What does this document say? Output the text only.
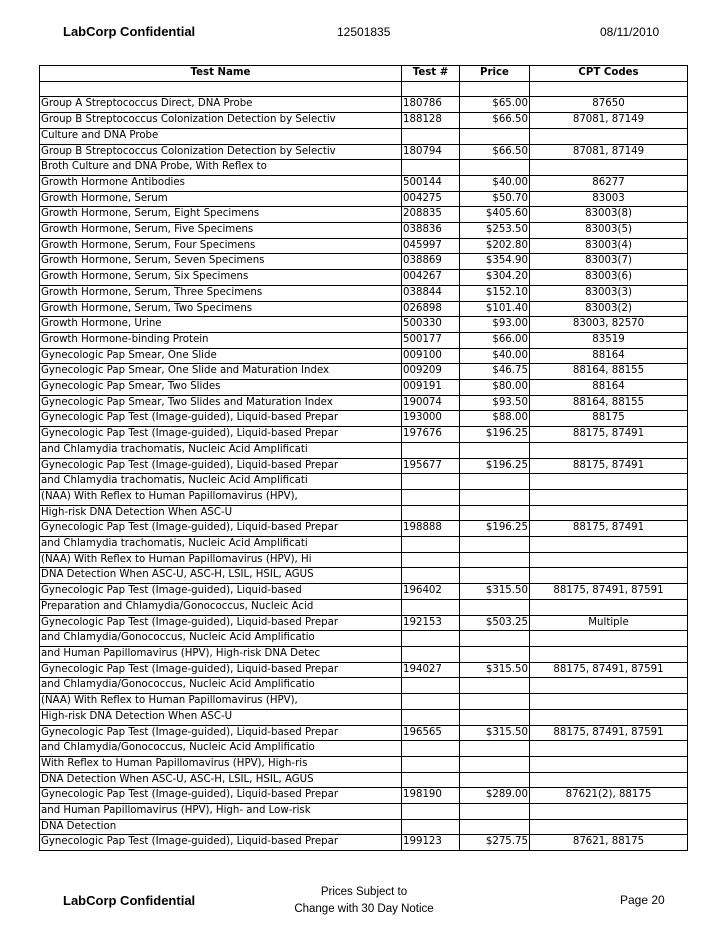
LabCorp Confidential	12501835	08/11/2010
Test Name	Test #	Price	CPT Codes

Group A Streptococcus Direct, DNA Probe	180786	$65.00	87650
Group B Streptococcus Colonization Detection by Selectiv	188128	$66.50	87081, 87149
Culture and DNA Probe			
Group B Streptococcus Colonization Detection by Selectiv	180794	$66.50	87081, 87149
Broth Culture and DNA Probe, With Reflex to			
Growth Hormone Antibodies	500144	$40.00	86277
Growth Hormone, Serum	004275	$50.70	83003
Growth Hormone, Serum, Eight Specimens	208835	$405.60	83003(8)
Growth Hormone, Serum, Five Specimens	038836	$253.50	83003(5)
Growth Hormone, Serum, Four Specimens	045997	$202.80	83003(4)
Growth Hormone, Serum, Seven Specimens	038869	$354.90	83003(7)
Growth Hormone, Serum, Six Specimens	004267	$304.20	83003(6)
Growth Hormone, Serum, Three Specimens	038844	$152.10	83003(3)
Growth Hormone, Serum, Two Specimens	026898	$101.40	83003(2)
Growth Hormone, Urine	500330	$93.00	83003, 82570
Growth Hormone-binding Protein	500177	$66.00	83519
Gynecologic Pap Smear, One Slide	009100	$40.00	88164
Gynecologic Pap Smear, One Slide and Maturation Index	009209	$46.75	88164, 88155
Gynecologic Pap Smear, Two Slides	009191	$80.00	88164
Gynecologic Pap Smear, Two Slides and Maturation Index	190074	$93.50	88164, 88155
Gynecologic Pap Test (Image-guided), Liquid-based Prepar	193000	$88.00	88175
Gynecologic Pap Test (Image-guided), Liquid-based Prepar	197676	$196.25	88175, 87491
and Chlamydia trachomatis, Nucleic Acid Amplificati			
Gynecologic Pap Test (Image-guided), Liquid-based Prepar	195677	$196.25	88175, 87491
and Chlamydia trachomatis, Nucleic Acid Amplificati			
(NAA) With Reflex to Human Papillomavirus (HPV),			
High-risk DNA Detection When ASC-U			
Gynecologic Pap Test (Image-guided), Liquid-based Prepar	198888	$196.25	88175, 87491
and Chlamydia trachomatis, Nucleic Acid Amplificati			
(NAA) With Reflex to Human Papillomavirus (HPV), Hi			
DNA Detection When ASC-U, ASC-H, LSIL, HSIL, AGUS			
Gynecologic Pap Test (Image-guided), Liquid-based	196402	$315.50	88175, 87491, 87591
Preparation and Chlamydia/Gonococcus, Nucleic Acid			
Gynecologic Pap Test (Image-guided), Liquid-based Prepar	192153	$503.25	Multiple
and Chlamydia/Gonococcus, Nucleic Acid Amplificatio			
and Human Papillomavirus (HPV), High-risk DNA Detec			
Gynecologic Pap Test (Image-guided), Liquid-based Prepar	194027	$315.50	88175, 87491, 87591
and Chlamydia/Gonococcus, Nucleic Acid Amplificatio			
(NAA) With Reflex to Human Papillomavirus (HPV),			
High-risk DNA Detection When ASC-U			
Gynecologic Pap Test (Image-guided), Liquid-based Prepar	196565	$315.50	88175, 87491, 87591
and Chlamydia/Gonococcus, Nucleic Acid Amplificatio			
With Reflex to Human Papillomavirus (HPV), High-ris			
DNA Detection When ASC-U, ASC-H, LSIL, HSIL, AGUS			
Gynecologic Pap Test (Image-guided), Liquid-based Prepar	198190	$289.00	87621(2), 88175
and Human Papillomavirus (HPV), High- and Low-risk			
DNA Detection			
Gynecologic Pap Test (Image-guided), Liquid-based Prepar	199123	$275.75	87621, 88175
LabCorp Confidential
Prices Subject to
Change with 30 Day Notice
Page 20
